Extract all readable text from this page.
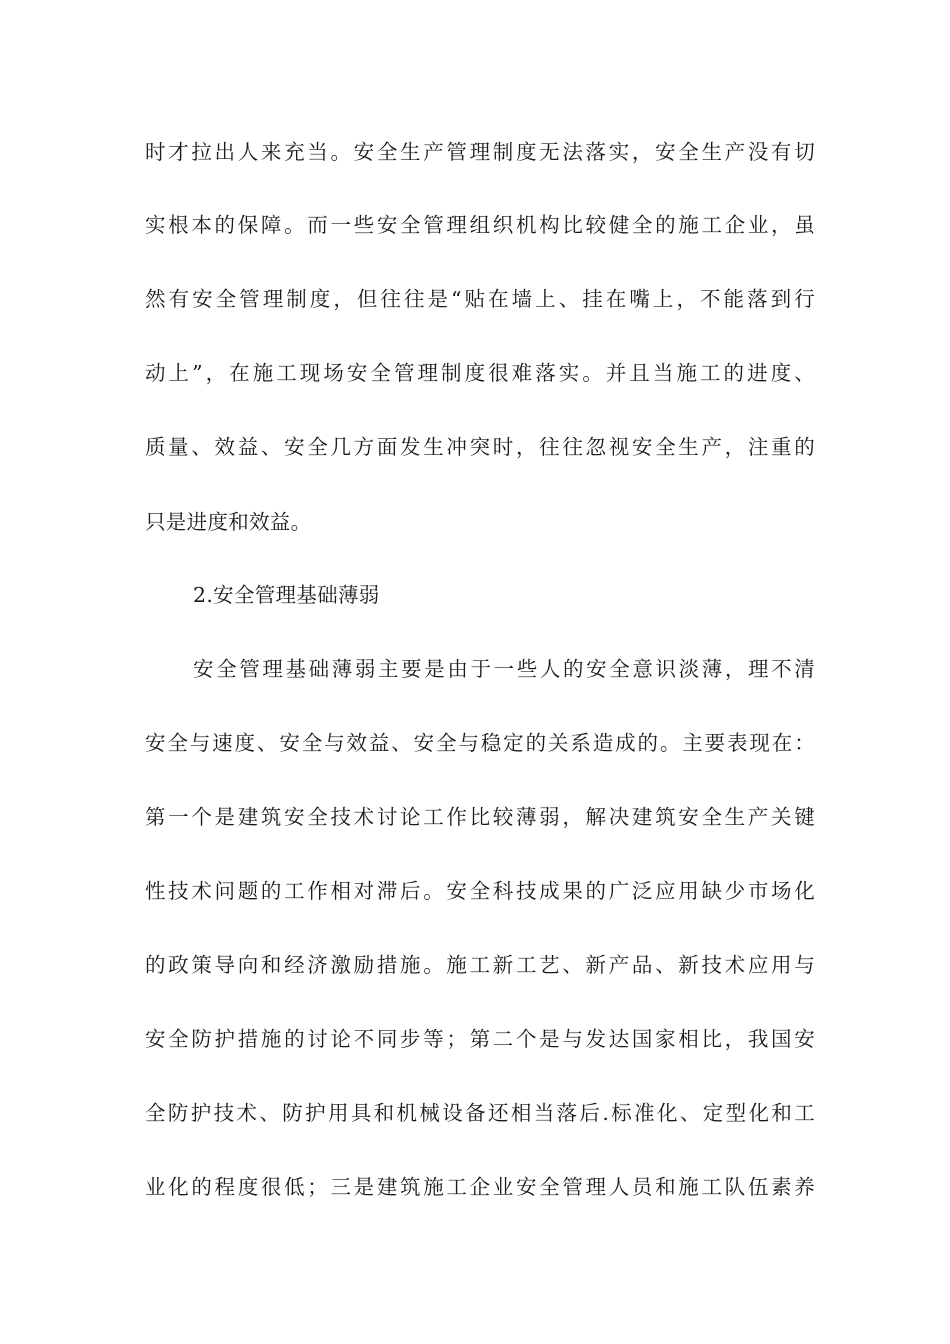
时才拉出人来充当。安全生产管理制度无法落实，安全生产没有切
实根本的保障。而一些安全管理组织机构比较健全的施工企业，虽
然有安全管理制度，但往往是“贴在墙上、挂在嘴上，不能落到行
动上”，在施工现场安全管理制度很难落实。并且当施工的进度、
质量、效益、安全几方面发生冲突时，往往忽视安全生产，注重的
只是进度和效益。
2.安全管理基础薄弱
安全管理基础薄弱主要是由于一些人的安全意识淡薄，理不清
安全与速度、安全与效益、安全与稳定的关系造成的。主要表现在：
第一个是建筑安全技术讨论工作比较薄弱，解决建筑安全生产关键
性技术问题的工作相对滞后。安全科技成果的广泛应用缺少市场化
的政策导向和经济激励措施。施工新工艺、新产品、新技术应用与
安全防护措施的讨论不同步等；第二个是与发达国家相比，我国安
全防护技术、防护用具和机械设备还相当落后.标准化、定型化和工
业化的程度很低；三是建筑施工企业安全管理人员和施工队伍素养
